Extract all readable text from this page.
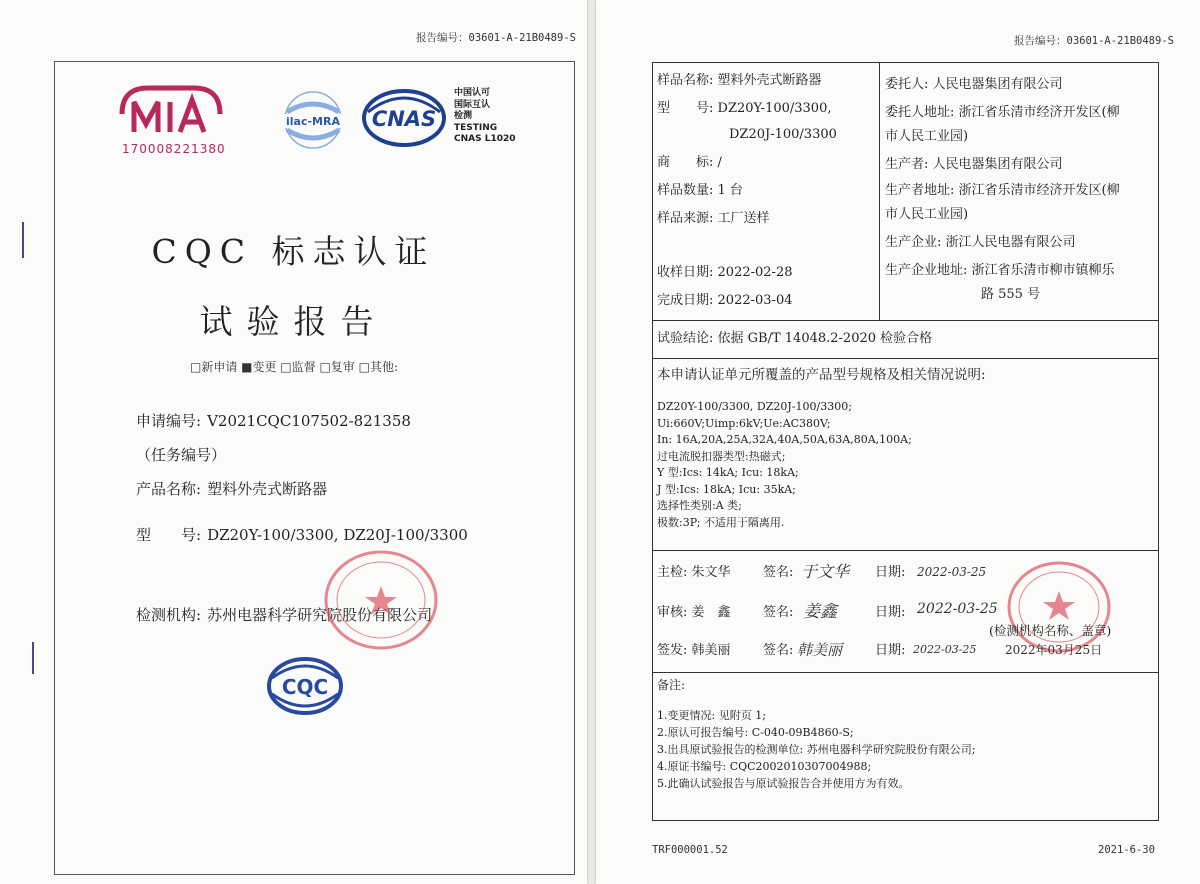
报告编号：03601-A-21B0489-S
170008221380
ilac-MRA CNAS
中国认可
国际互认
检测
TESTING
CNAS L1020
CQC 标志认证
试验报告
□新申请 ■变更 □监督 □复审 □其他:
申请编号: V2021CQC107502-821358
（任务编号）
产品名称: 塑料外壳式断路器
型　　号: DZ20Y-100/3300, DZ20J-100/3300
检测机构: 苏州电器科学研究院股份有限公司
CQC
报告编号：03601-A-21B0489-S
样品名称: 塑料外壳式断路器
型　　号: DZ20Y-100/3300,
DZ20J-100/3300
商　　标: /
样品数量: 1 台
样品来源: 工厂送样
收样日期: 2022-02-28
完成日期: 2022-03-04
委托人: 人民电器集团有限公司
委托人地址: 浙江省乐清市经济开发区(柳
市人民工业园)
生产者: 人民电器集团有限公司
生产者地址: 浙江省乐清市经济开发区(柳
市人民工业园)
生产企业: 浙江人民电器有限公司
生产企业地址: 浙江省乐清市柳市镇柳乐
路 555 号
试验结论: 依据 GB/T 14048.2-2020 检验合格
本申请认证单元所覆盖的产品型号规格及相关情况说明:
DZ20Y-100/3300, DZ20J-100/3300;
Ui:660V;Uimp:6kV;Ue:AC380V;
In: 16A,20A,25A,32A,40A,50A,63A,80A,100A;
过电流脱扣器类型:热磁式;
Y 型:Ics: 14kA; Icu: 18kA;
J 型:Ics: 18kA; Icu: 35kA;
选择性类别:A 类;
极数:3P; 不适用于隔离用.
主检: 朱文华 签名: 于文华 日期: 2022-03-25
审核: 姜　鑫 签名: 姜鑫	日期: 2022-03-25
签发: 韩美丽 签名: 韩美丽	日期: 2022-03-25
(检测机构名称、盖章)
2022年03月25日
备注:
1.变更情况: 见附页 1;
2.原认可报告编号: C-040-09B4860-S;
3.出具原试验报告的检测单位: 苏州电器科学研究院股份有限公司;
4.原证书编号: CQC2002010307004988;
5.此确认试验报告与原试验报告合并使用方为有效。
TRF000001.52	2021-6-30
